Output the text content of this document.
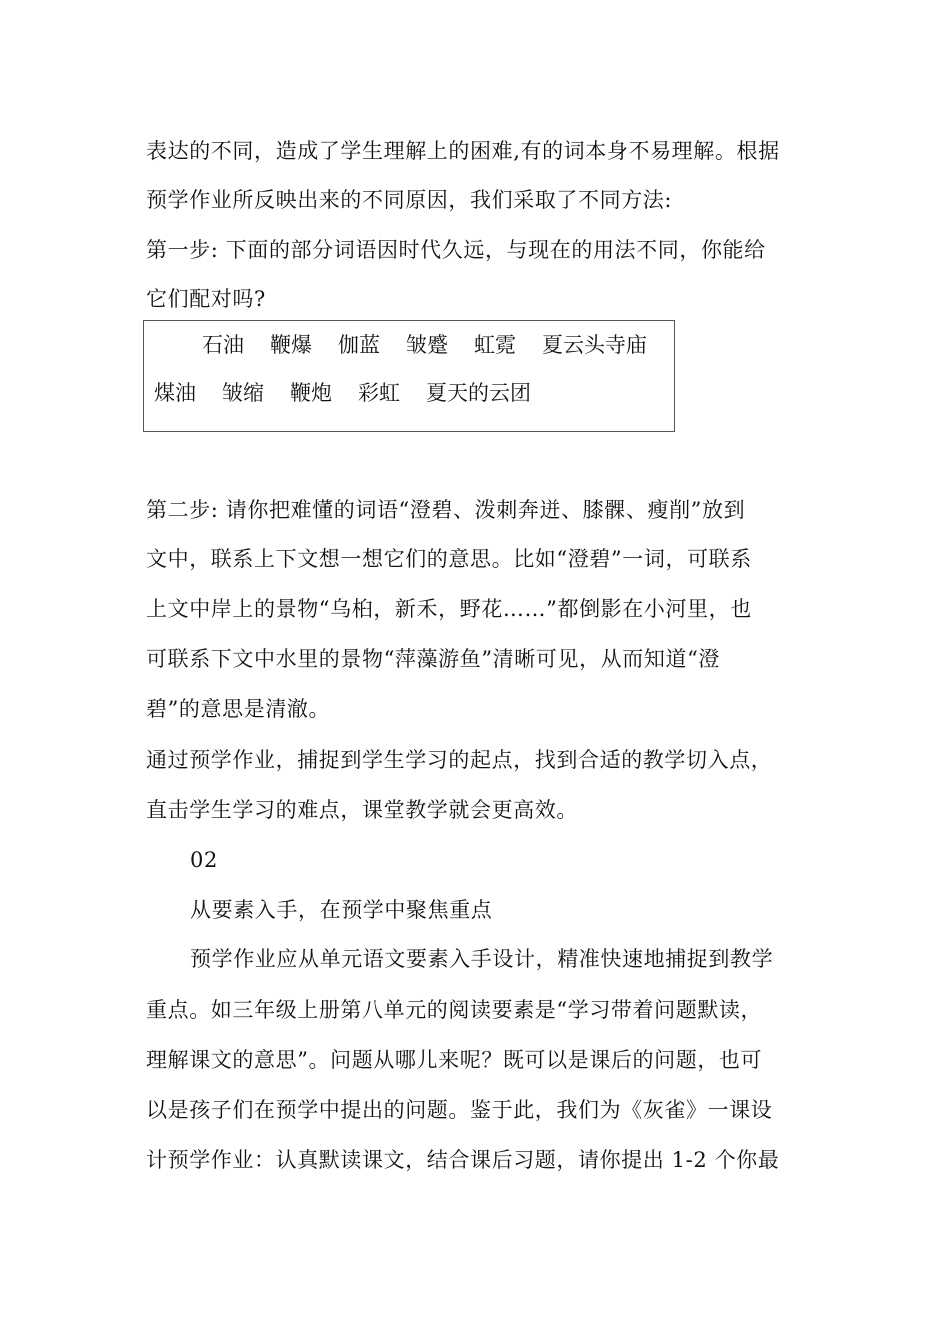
表达的不同，造成了学生理解上的困难,有的词本身不易理解。根据
预学作业所反映出来的不同原因，我们采取了不同方法:
第一步: 下面的部分词语因时代久远，与现在的用法不同，你能给
它们配对吗?
石油 鞭爆 伽蓝 皱蹙 虹霓 夏云头寺庙
煤油 皱缩 鞭炮 彩虹 夏天的云团
第二步: 请你把难懂的词语“澄碧、泼刺奔迸、膝髁、瘦削”放到
文中，联系上下文想一想它们的意思。比如“澄碧”一词，可联系
上文中岸上的景物“乌桕，新禾，野花……”都倒影在小河里，也
可联系下文中水里的景物“萍藻游鱼”清晰可见，从而知道“澄
碧”的意思是清澈。
通过预学作业，捕捉到学生学习的起点，找到合适的教学切入点，
直击学生学习的难点，课堂教学就会更高效。
02
从要素入手，在预学中聚焦重点
预学作业应从单元语文要素入手设计，精准快速地捕捉到教学
重点。如三年级上册第八单元的阅读要素是“学习带着问题默读，
理解课文的意思”。问题从哪儿来呢？既可以是课后的问题，也可
以是孩子们在预学中提出的问题。鉴于此，我们为《灰雀》一课设
计预学作业：认真默读课文，结合课后习题，请你提出 1-2 个你最
